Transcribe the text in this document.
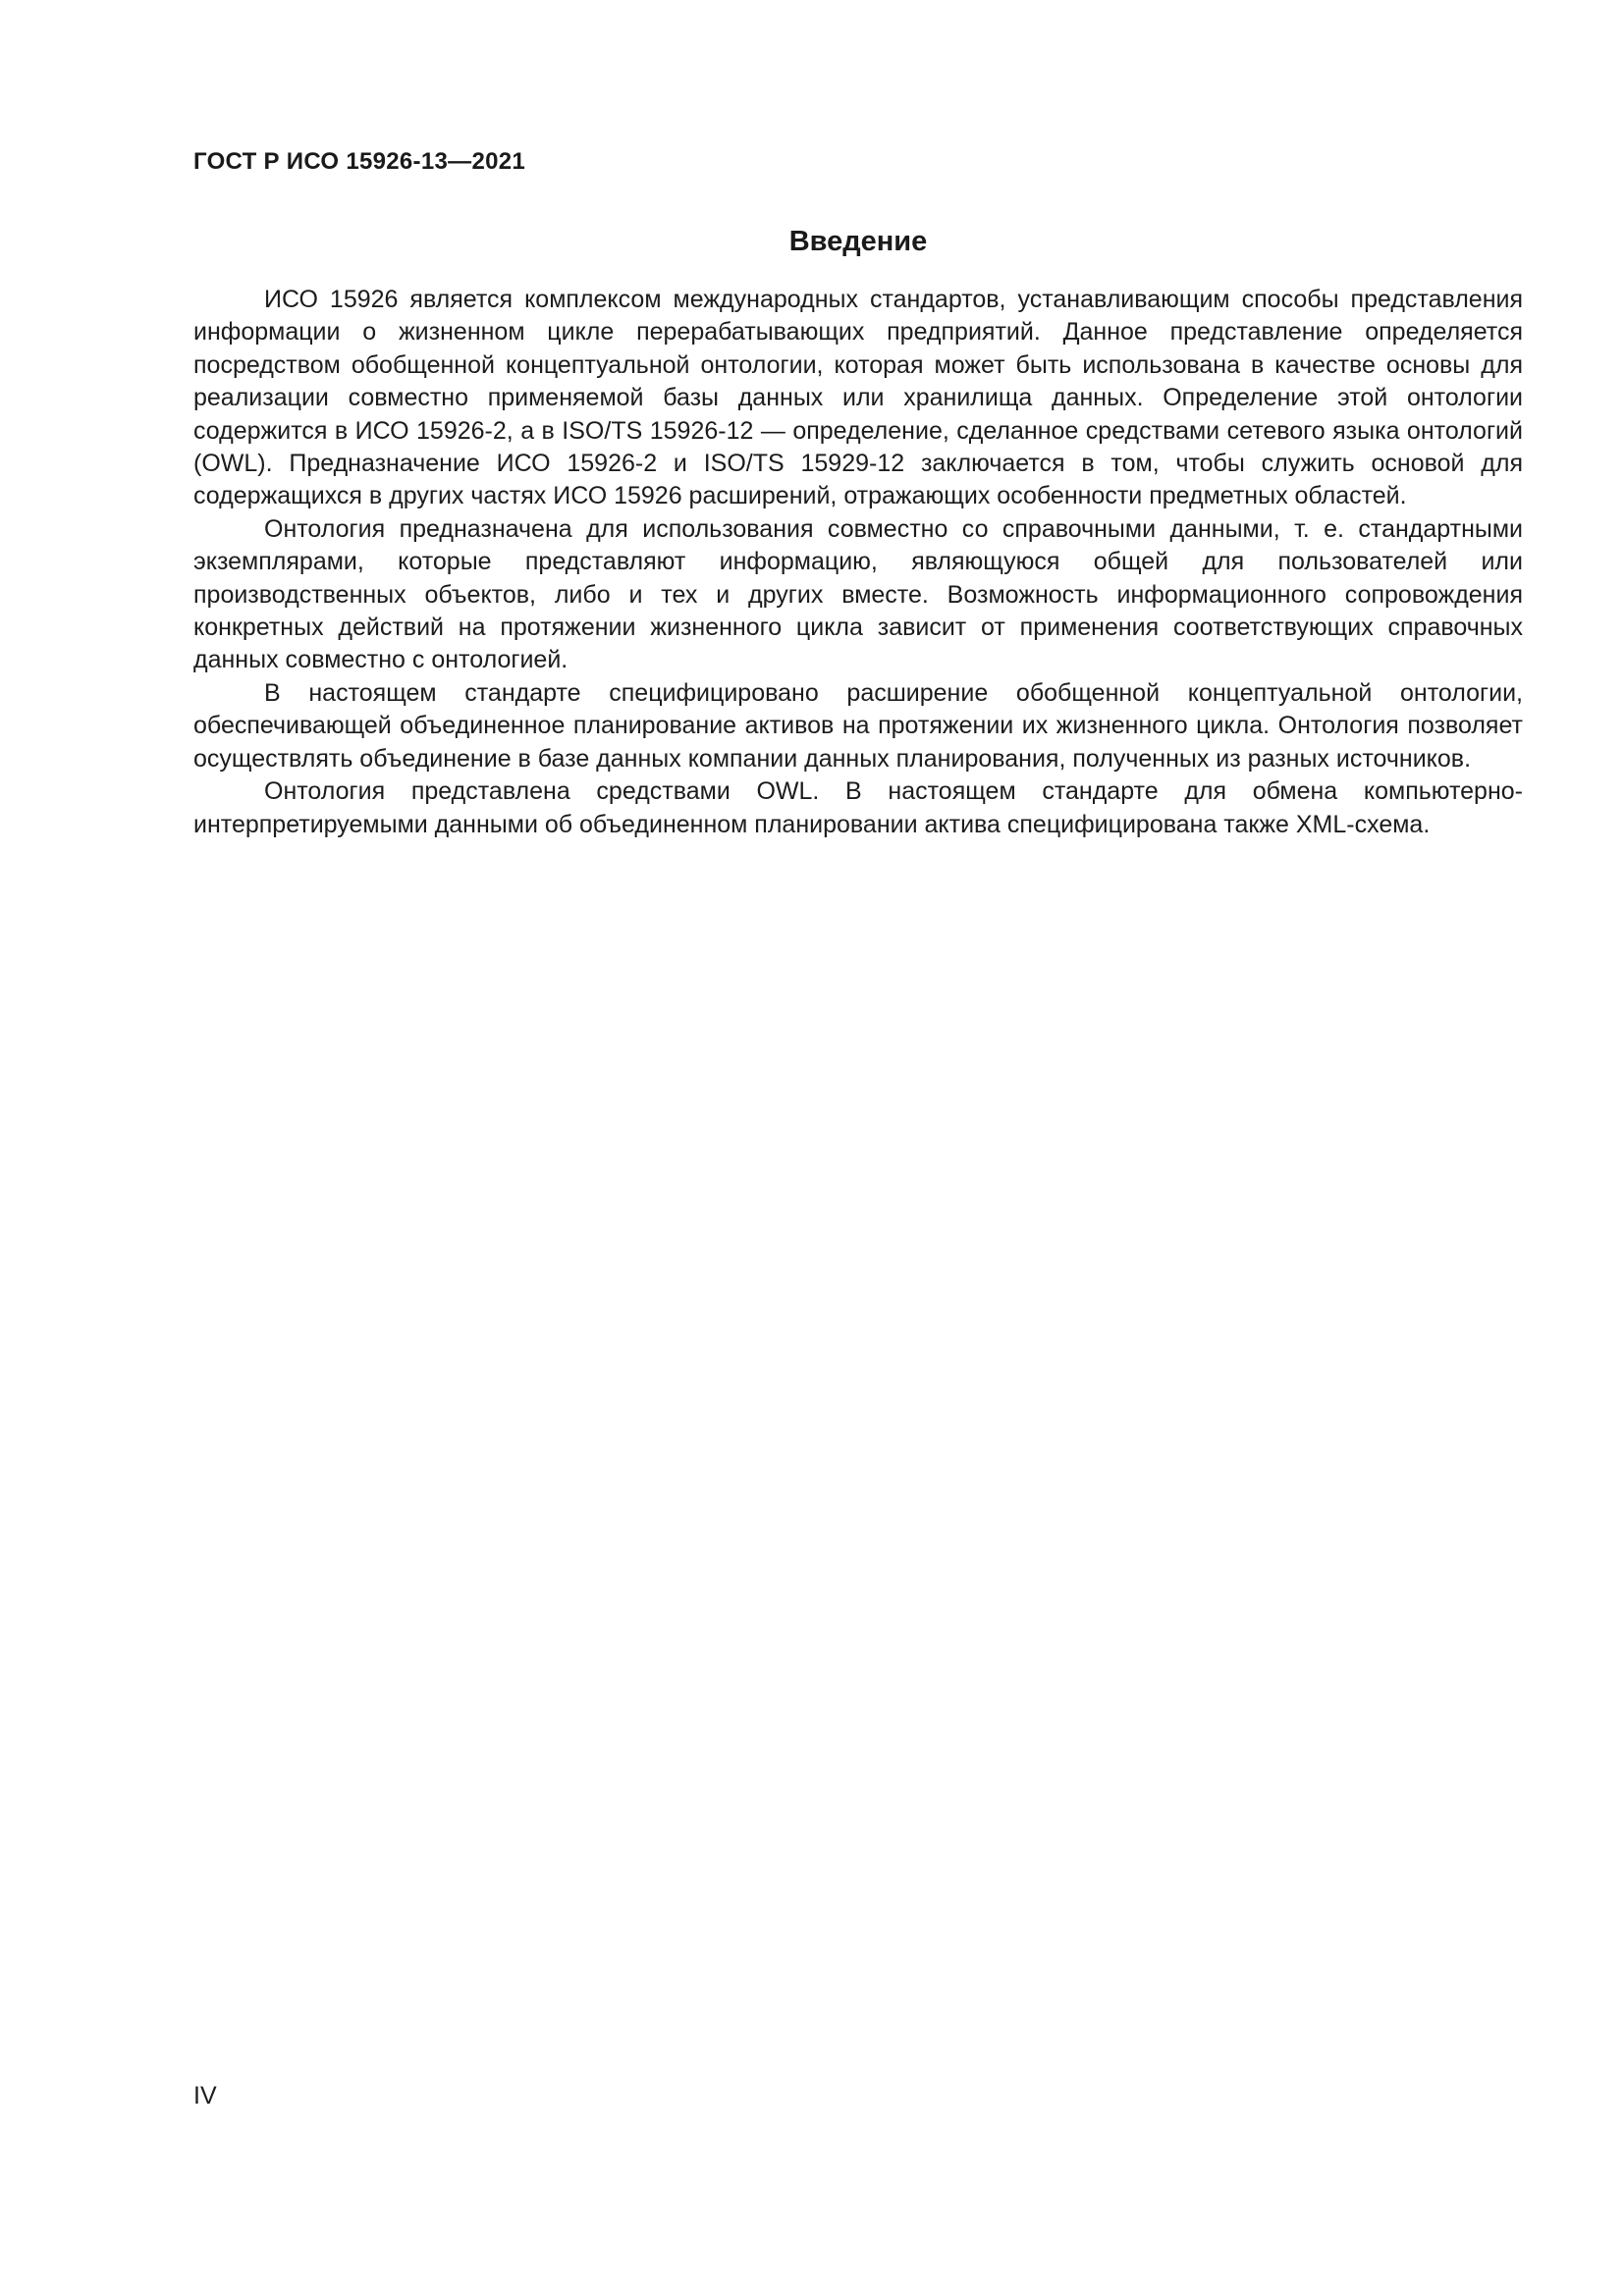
ГОСТ Р ИСО 15926-13—2021
Введение

ИСО 15926 является комплексом международных стандартов, устанавливающим способы представления информации о жизненном цикле перерабатывающих предприятий. Данное представление определяется посредством обобщенной концептуальной онтологии, которая может быть использована в качестве основы для реализации совместно применяемой базы данных или хранилища данных. Определение этой онтологии содержится в ИСО 15926-2, а в ISO/TS 15926-12 — определение, сделанное средствами сетевого языка онтологий (OWL). Предназначение ИСО 15926-2 и ISO/TS 15929-12 заключается в том, чтобы служить основой для содержащихся в других частях ИСО 15926 расширений, отражающих особенности предметных областей.

Онтология предназначена для использования совместно со справочными данными, т. е. стандартными экземплярами, которые представляют информацию, являющуюся общей для пользователей или производственных объектов, либо и тех и других вместе. Возможность информационного сопровождения конкретных действий на протяжении жизненного цикла зависит от применения соответствующих справочных данных совместно с онтологией.

В настоящем стандарте специфицировано расширение обобщенной концептуальной онтологии, обеспечивающей объединенное планирование активов на протяжении их жизненного цикла. Онтология позволяет осуществлять объединение в базе данных компании данных планирования, полученных из разных источников.

Онтология представлена средствами OWL. В настоящем стандарте для обмена компьютерно-интерпретируемыми данными об объединенном планировании актива специфицирована также XML-схема.

IV
